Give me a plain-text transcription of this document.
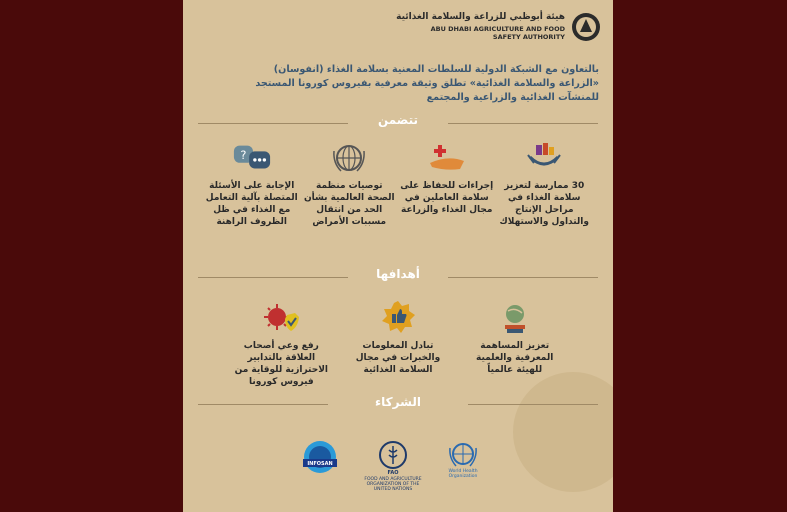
هيئة أبوظبي للزراعة والسلامة الغذائية
ABU DHABI AGRICULTURE AND FOOD SAFETY AUTHORITY
بالتعاون مع الشبكة الدولية للسلطات المعنية بسلامة الغذاء (انفوسان)
«الزراعة والسلامة الغذائية» تطلق وثيقة معرفية بفيروس كورونا المستجد
للمنشآت الغذائية والزراعية والمجتمع
تتضمن
30 ممارسة لتعزيز سلامة الغذاء في مراحل الإنتاج والتداول والاستهلاك
إجراءات للحفاظ على سلامة العاملين في مجال الغذاء والزراعة
توصيات منظمة الصحة العالمية بشأن الحد من انتقال مسببات الأمراض
?
الإجابة على الأسئلة المتصلة بآلية التعامل مع الغذاء في ظل الظروف الراهنة
أهدافها
تعزيز المساهمة المعرفية والعلمية للهيئة عالمياً
تبادل المعلومات والخبرات في مجال السلامة الغذائية
رفع وعي أصحاب العلاقة بالتدابير الاحترازية للوقاية من فيروس كورونا
الشركاء
INFOSAN
FAO
FOOD AND AGRICULTURE ORGANIZATION OF THE UNITED NATIONS
World Health Organization
